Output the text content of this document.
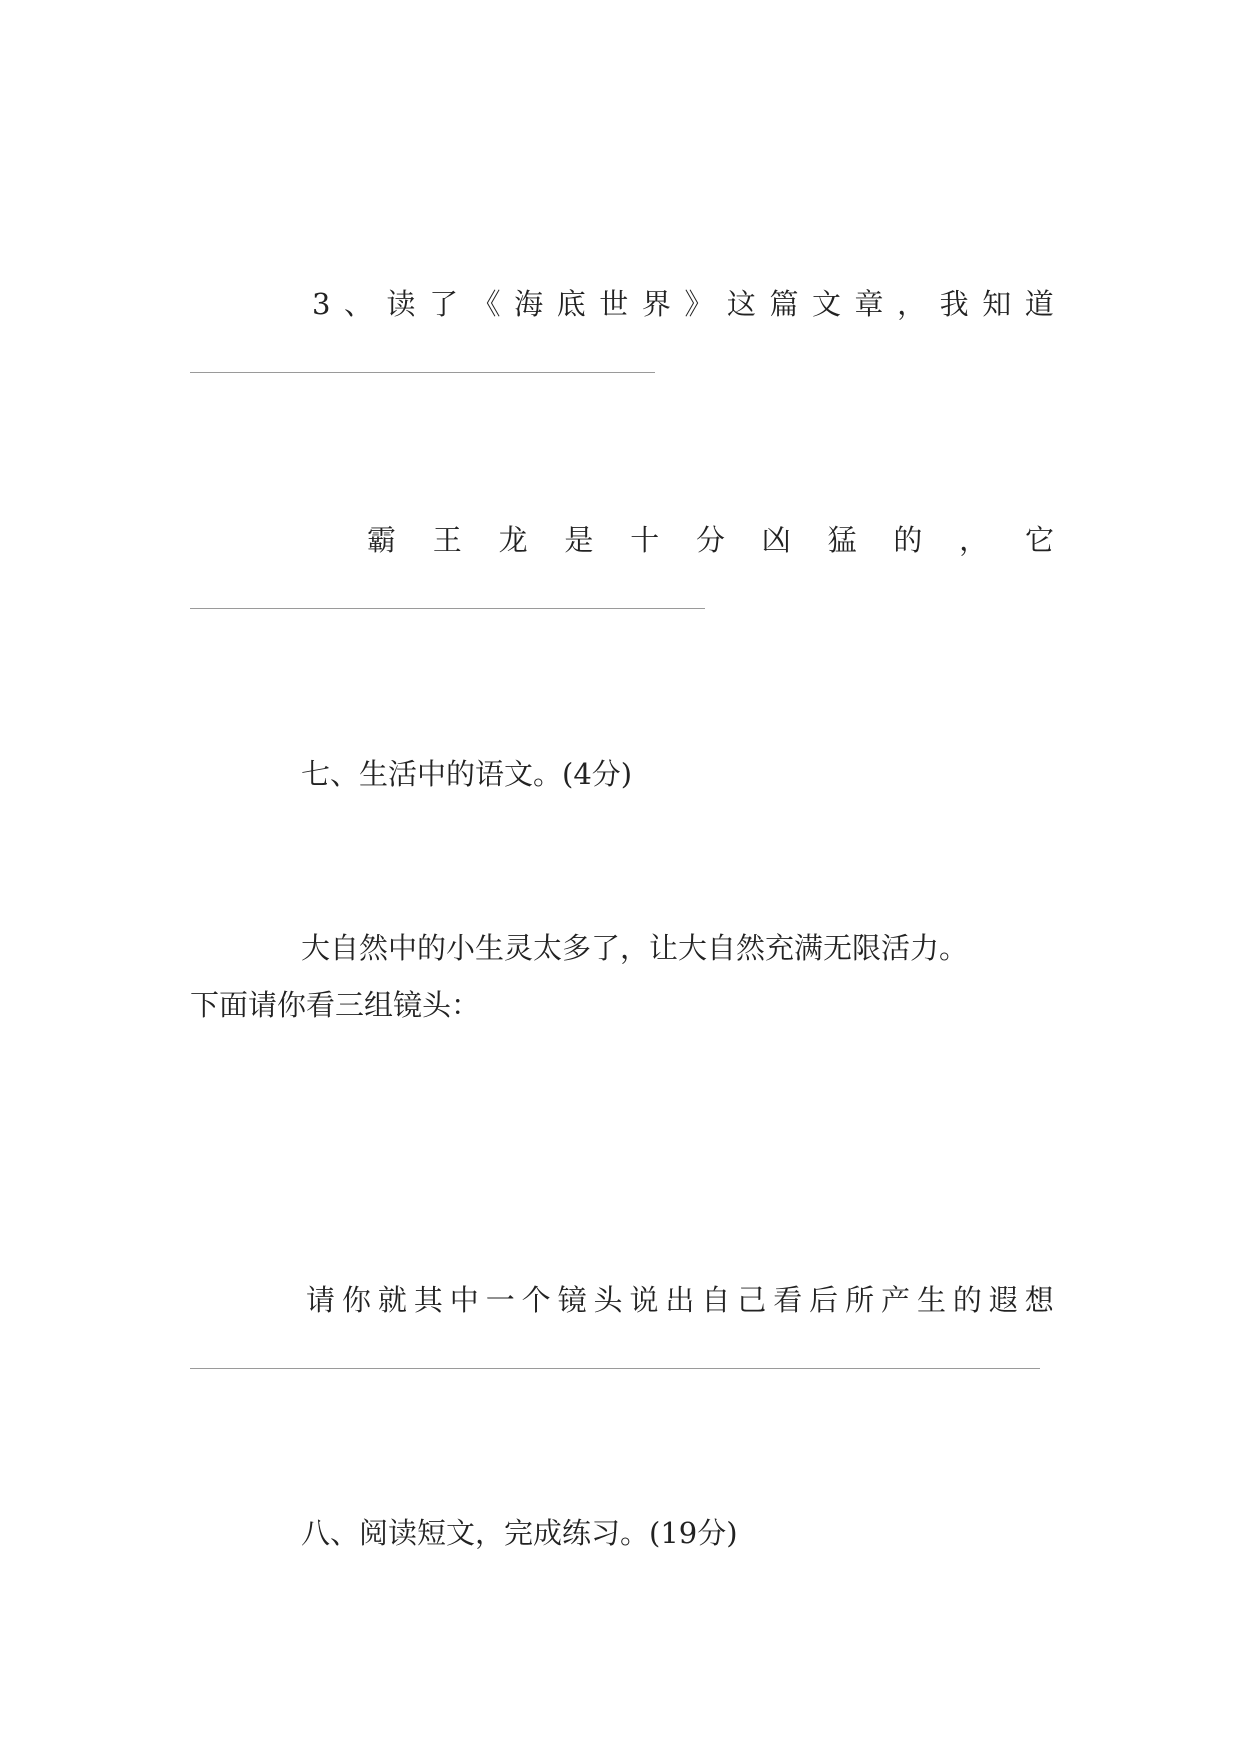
3 、 读 了 《 海 底 世 界 》 这 篇 文 章 ， 我 知 道
霸 王 龙 是 十 分 凶 猛 的 ， 它
七、生活中的语文。(4分)
大自然中的小生灵太多了，让大自然充满无限活力。
下面请你看三组镜头：
请 你 就 其 中 一 个 镜 头 说 出 自 己 看 后 所 产 生 的 遐 想
八、阅读短文，完成练习。(19分)
